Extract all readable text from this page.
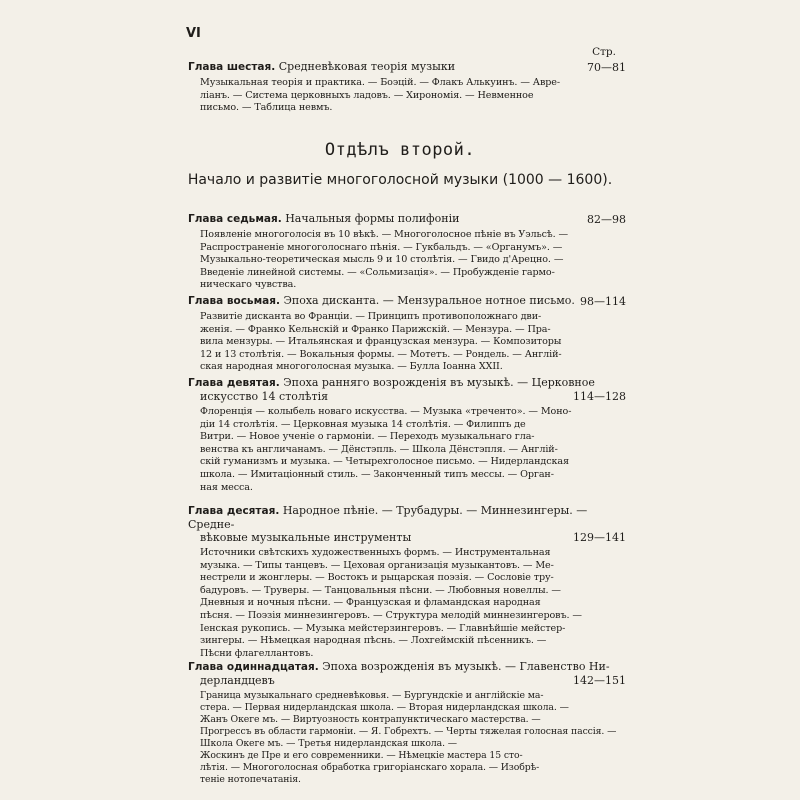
VI
Стр.
Глава шестая. Средневѣковая теорія музыки	70—81
Музыкальная теорія и практика. — Боэцій. — Флакъ Алькуинъ. — Авре-
ліанъ. — Система церковныхъ ладовъ. — Хирономія. — Невменное
письмо. — Таблица невмъ.
Отдѣлъ второй.
Начало и развитіе многоголосной музыки (1000 — 1600).
Глава седьмая. Начальныя формы полифоніи	82—98
Появленіе многоголосія въ 10 вѣкѣ. — Многоголосное пѣніе въ Уэльсѣ. —
Распространеніе многоголоснаго пѣнія. — Гукбальдъ. — «Органумъ». —
Музыкально-теоретическая мысль 9 и 10 столѣтія. — Гвидо д'Арецно. —
Введеніе линейной системы. — «Сольмизація». — Пробужденіе гармо-
ническаго чувства.
Глава восьмая. Эпоха дисканта. — Мензуральное нотное письмо. 98—114
Развитіе дисканта во Франціи. — Принципъ противоположнаго дви-
женія. — Франко Кельнскій и Франко Парижскій. — Мензура. — Пра-
вила мензуры. — Итальянская и французская мензура. — Композиторы
12 и 13 столѣтія. — Вокальныя формы. — Мотетъ. — Рондель. — Англій-
ская народная многоголосная музыка. — Булла Іоанна XXII.
Глава девятая. Эпоха ранняго возрожденія въ музыкѣ. — Церковное
искусство 14 столѣтія	114—128
Флоренція — колыбель новаго искусства. — Музыка «треченто». — Моно-
діи 14 столѣтія. — Церковная музыка 14 столѣтія. — Филиппъ де
Витри. — Новое ученіе о гармоніи. — Переходъ музыкальнаго гла-
венства къ англичанамъ. — Дёнстэпль. — Школа Дёнстэпля. — Англій-
скій гуманизмъ и музыка. — Четырехголосное письмо. — Нидерландская
школа. — Имитаціонный стиль. — Законченный типъ мессы. — Орган-
ная месса.
Глава десятая. Народное пѣніе. — Трубадуры. — Миннезингеры. — Средне-
вѣковые музыкальные инструменты	129—141
Источники свѣтскихъ художественныхъ формъ. — Инструментальная
музыка. — Типы танцевъ. — Цеховая организація музыкантовъ. — Ме-
нестрели и жонглеры. — Востокъ и рыцарская поэзія. — Сословіе тру-
бадуровъ. — Труверы. — Танцовальныя пѣсни. — Любовныя новеллы. —
Дневныя и ночныя пѣсни. — Французская и фламандская народная
пѣсня. — Поэзія миннезингеровъ. — Структура мелодій миннезингеровъ. —
Іенская рукопись. — Музыка мейстерзингеровъ. — Главнѣйшіе мейстер-
зингеры. — Нѣмецкая народная пѣснь. — Лохгеймскій пѣсенникъ. —
Пѣсни флагеллантовъ.
Глава одиннадцатая. Эпоха возрожденія въ музыкѣ. — Главенство Ни-
дерландцевъ	142—151
Граница музыкальнаго средневѣковья. — Бургундскіе и англійскіе ма-
стера. — Первая нидерландская школа. — Вторая нидерландская школа. —
Жанъ Океге мъ. — Виртуозность контрапунктическаго мастерства. —
Прогрессъ въ области гармоніи. — Я. Гобрехтъ. — Черты тяжелая голосная пассія. — Школа Океге мъ. — Третья нидерландская школа. —
Жоскинъ де Пре и его современники. — Нѣмецкіе мастера 15 сто-
лѣтія. — Многоголосная обработка григоріанскаго хорала. — Изобрѣ-
теніе нотопечатанія.
